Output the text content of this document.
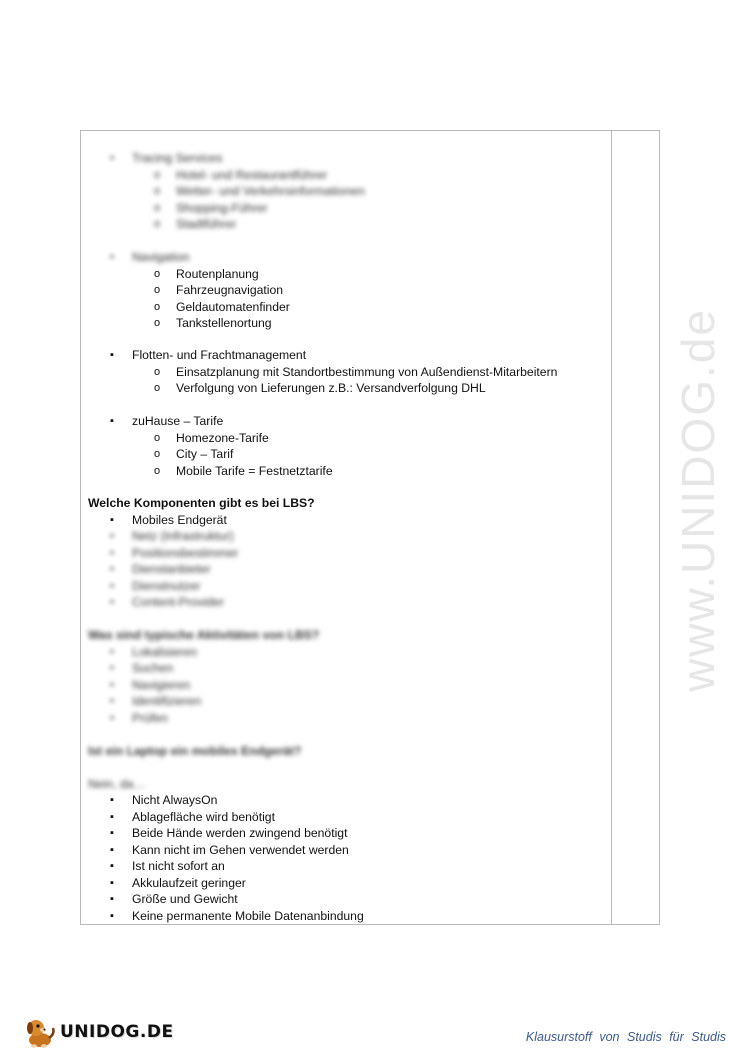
www.UNIDOG.de
▪ Tracing Services
o Hotel- und Restaurantführer
o Wetter- und Verkehrsinformationen
o Shopping-Führer
o Stadtführer
▪ Navigation
o Routenplanung
o Fahrzeugnavigation
o Geldautomatenfinder
o Tankstellenortung
▪ Flotten- und Frachtmanagement
o Einsatzplanung mit Standortbestimmung von Außendienst-Mitarbeitern
o Verfolgung von Lieferungen z.B.: Versandverfolgung DHL
▪ zuHause – Tarife
o Homezone-Tarife
o City – Tarif
o Mobile Tarife = Festnetztarife
Welche Komponenten gibt es bei LBS?
▪ Mobiles Endgerät
▪ Netz (Infrastruktur)
▪ Positionsbestimmer
▪ Dienstanbieter
▪ Dienstnutzer
▪ Content-Provider
Was sind typische Aktivitäten von LBS?
▪ Lokalisieren
▪ Suchen
▪ Navigieren
▪ Identifizieren
▪ Prüfen
Ist ein Laptop ein mobiles Endgerät?
Nein, da…
▪ Nicht AlwaysOn
▪ Ablagefläche wird benötigt
▪ Beide Hände werden zwingend benötigt
▪ Kann nicht im Gehen verwendet werden
▪ Ist nicht sofort an
▪ Akkulaufzeit geringer
▪ Größe und Gewicht
▪ Keine permanente Mobile Datenanbindung
UNIDOG.DE	Klausurstoff von Studis für Studis
